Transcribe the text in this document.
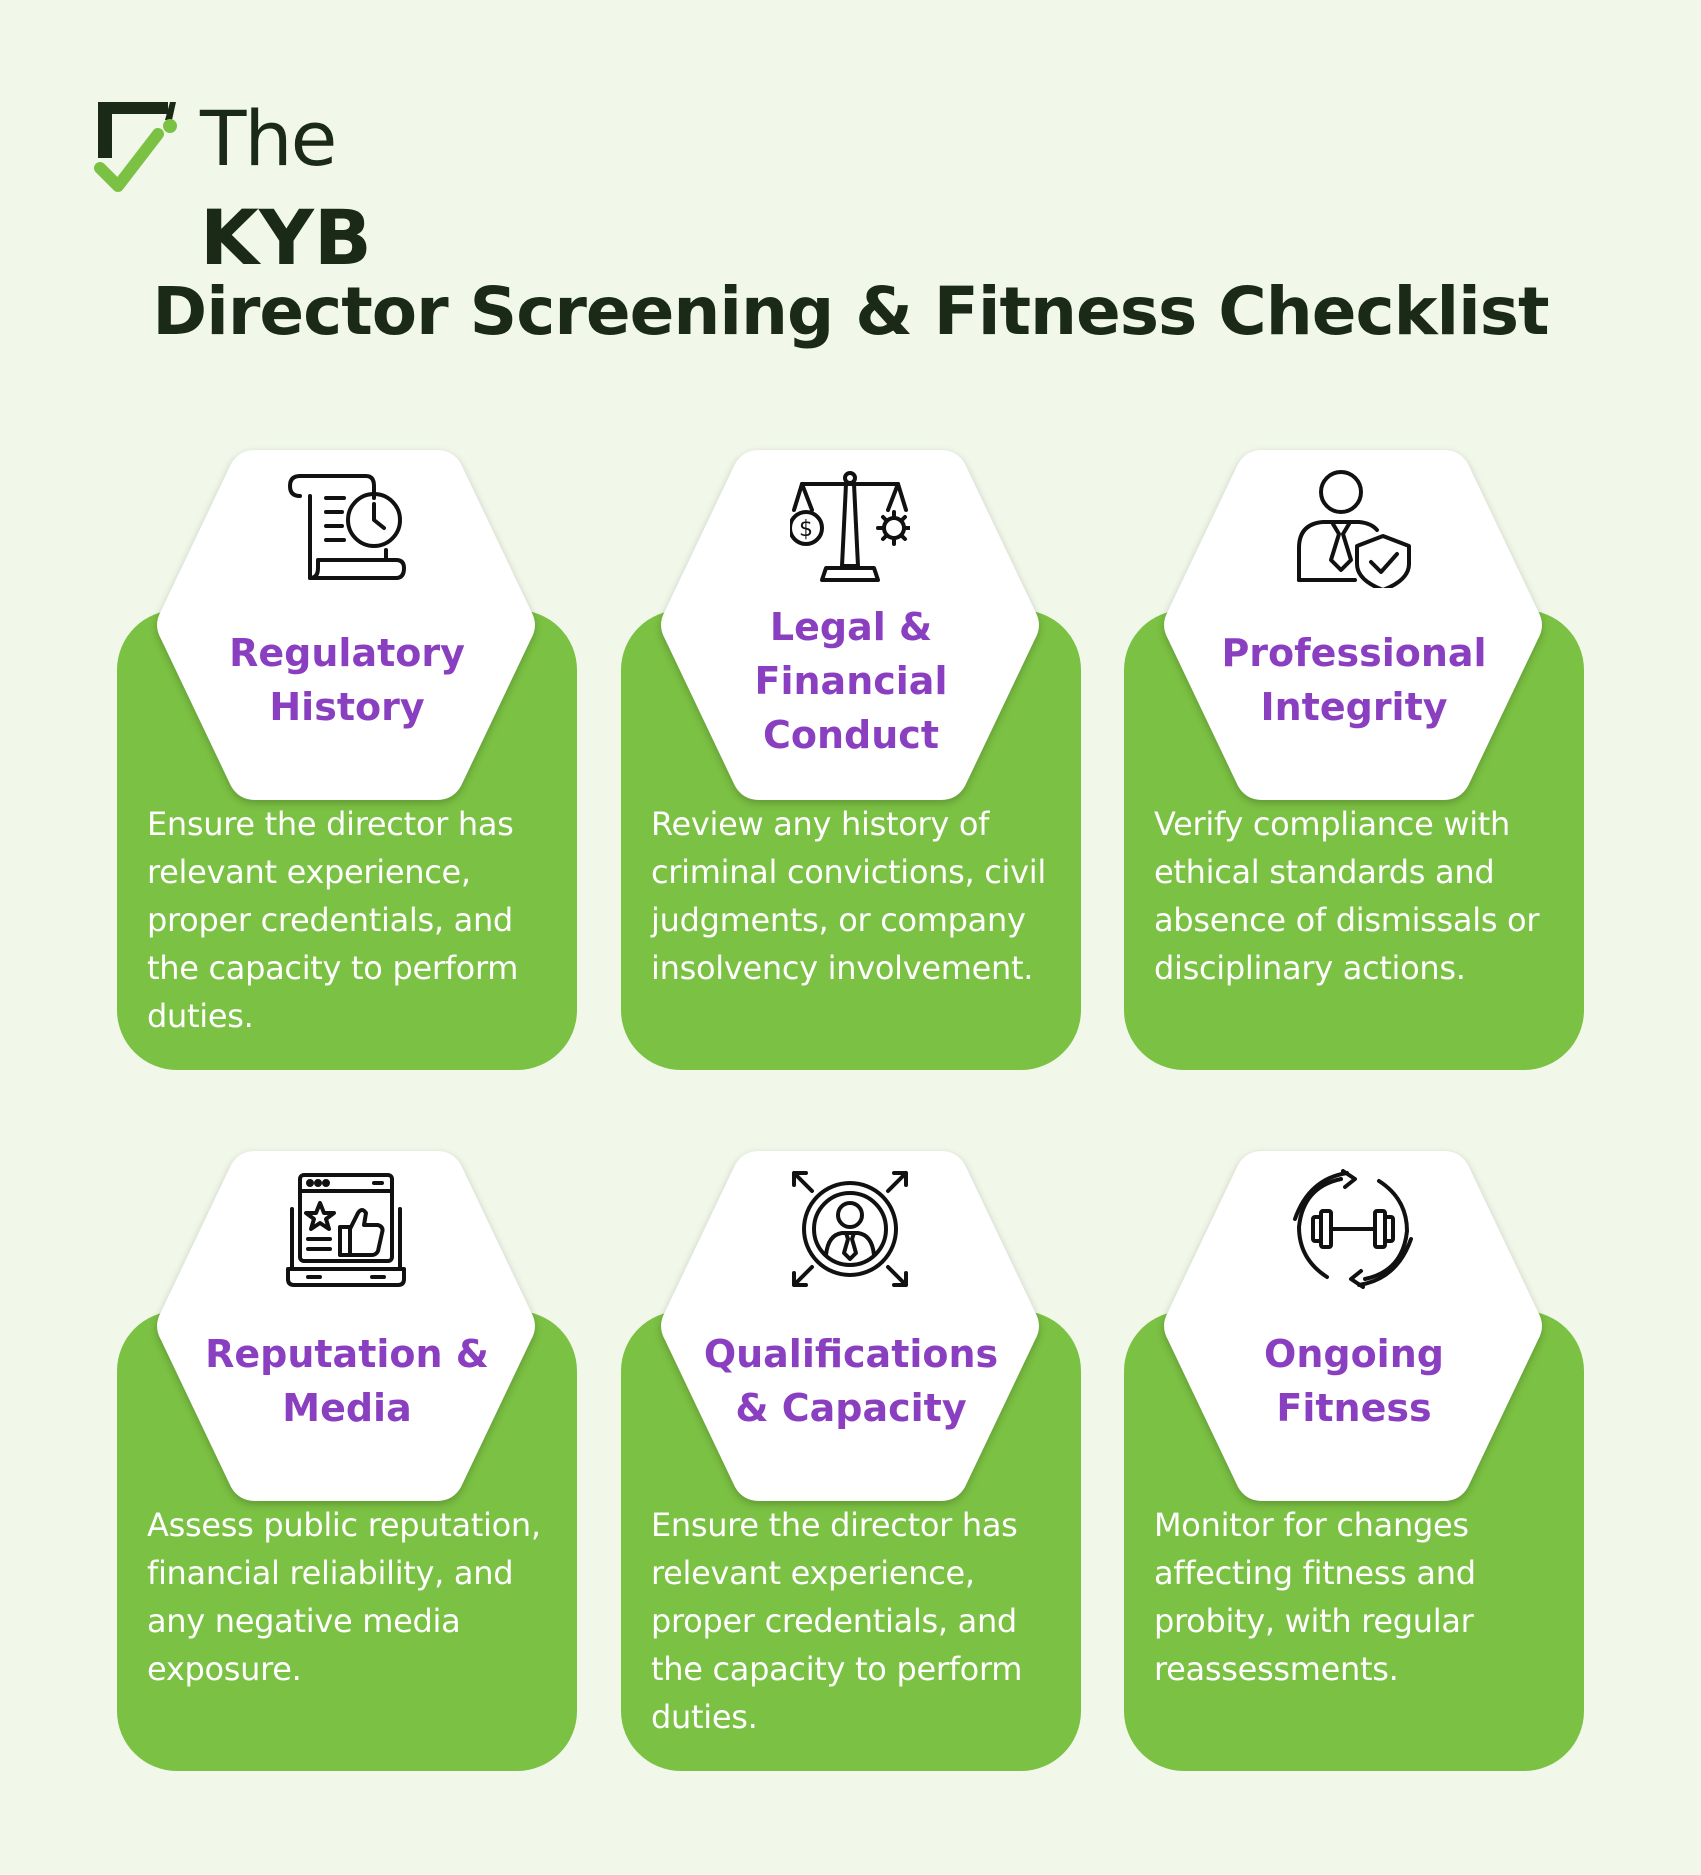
The KYB
Director Screening & Fitness Checklist
Regulatory History
Ensure the director has relevant experience, proper credentials, and the capacity to perform duties.
$
Legal & Financial Conduct
Review any history of criminal convictions, civil judgments, or company insolvency involvement.
Professional Integrity
Verify compliance with ethical standards and absence of dismissals or disciplinary actions.
Reputation & Media
Assess public reputation, financial reliability, and any negative media exposure.
Qualifications & Capacity
Ensure the director has relevant experience, proper credentials, and the capacity to perform duties.
Ongoing Fitness
Monitor for changes affecting fitness and probity, with regular reassessments.
